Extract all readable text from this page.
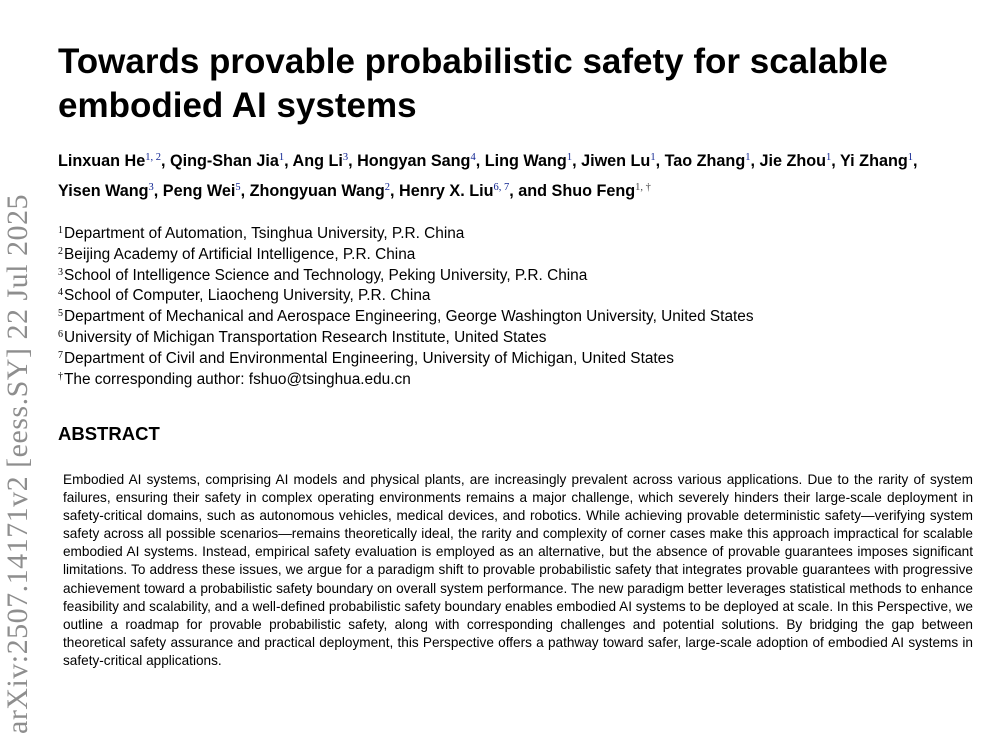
arXiv:2507.14171v2 [eess.SY] 22 Jul 2025
Towards provable probabilistic safety for scalable embodied AI systems

Linxuan He$^{1, 2}$, Qing-Shan Jia$^1$, Ang Li$^3$, Hongyan Sang$^4$, Ling Wang$^1$, Jiwen Lu$^1$, Tao Zhang$^1$, Jie Zhou$^1$, Yi Zhang$^1$, Yisen Wang$^3$, Peng Wei$^5$, Zhongyuan Wang$^2$, Henry X. Liu$^{6, 7}$, and Shuo Feng$^{1, \dagger}$

$^1$Department of Automation, Tsinghua University, P.R. China
$^2$Beijing Academy of Artificial Intelligence, P.R. China
$^3$School of Intelligence Science and Technology, Peking University, P.R. China
$^4$School of Computer, Liaocheng University, P.R. China
$^5$Department of Mechanical and Aerospace Engineering, George Washington University, United States
$^6$University of Michigan Transportation Research Institute, United States
$^7$Department of Civil and Environmental Engineering, University of Michigan, United States
†The corresponding author: fshuo@tsinghua.edu.cn
ABSTRACT

Embodied AI systems, comprising AI models and physical plants, are increasingly prevalent across various applications. Due to the rarity of system failures, ensuring their safety in complex operating environments remains a major challenge, which severely hinders their large-scale deployment in safety-critical domains, such as autonomous vehicles, medical devices, and robotics. While achieving provable deterministic safety—verifying system safety across all possible scenarios—remains theoretically ideal, the rarity and complexity of corner cases make this approach impractical for scalable embodied AI systems. Instead, empirical safety evaluation is employed as an alternative, but the absence of provable guarantees imposes significant limitations. To address these issues, we argue for a paradigm shift to provable probabilistic safety that integrates provable guarantees with progressive achievement toward a probabilistic safety boundary on overall system performance. The new paradigm better leverages statistical methods to enhance feasibility and scalability, and a well-defined probabilistic safety boundary enables embodied AI systems to be deployed at scale. In this Perspective, we outline a roadmap for provable probabilistic safety, along with corresponding challenges and potential solutions. By bridging the gap between theoretical safety assurance and practical deployment, this Perspective offers a pathway toward safer, large-scale adoption of embodied AI systems in safety-critical applications.
